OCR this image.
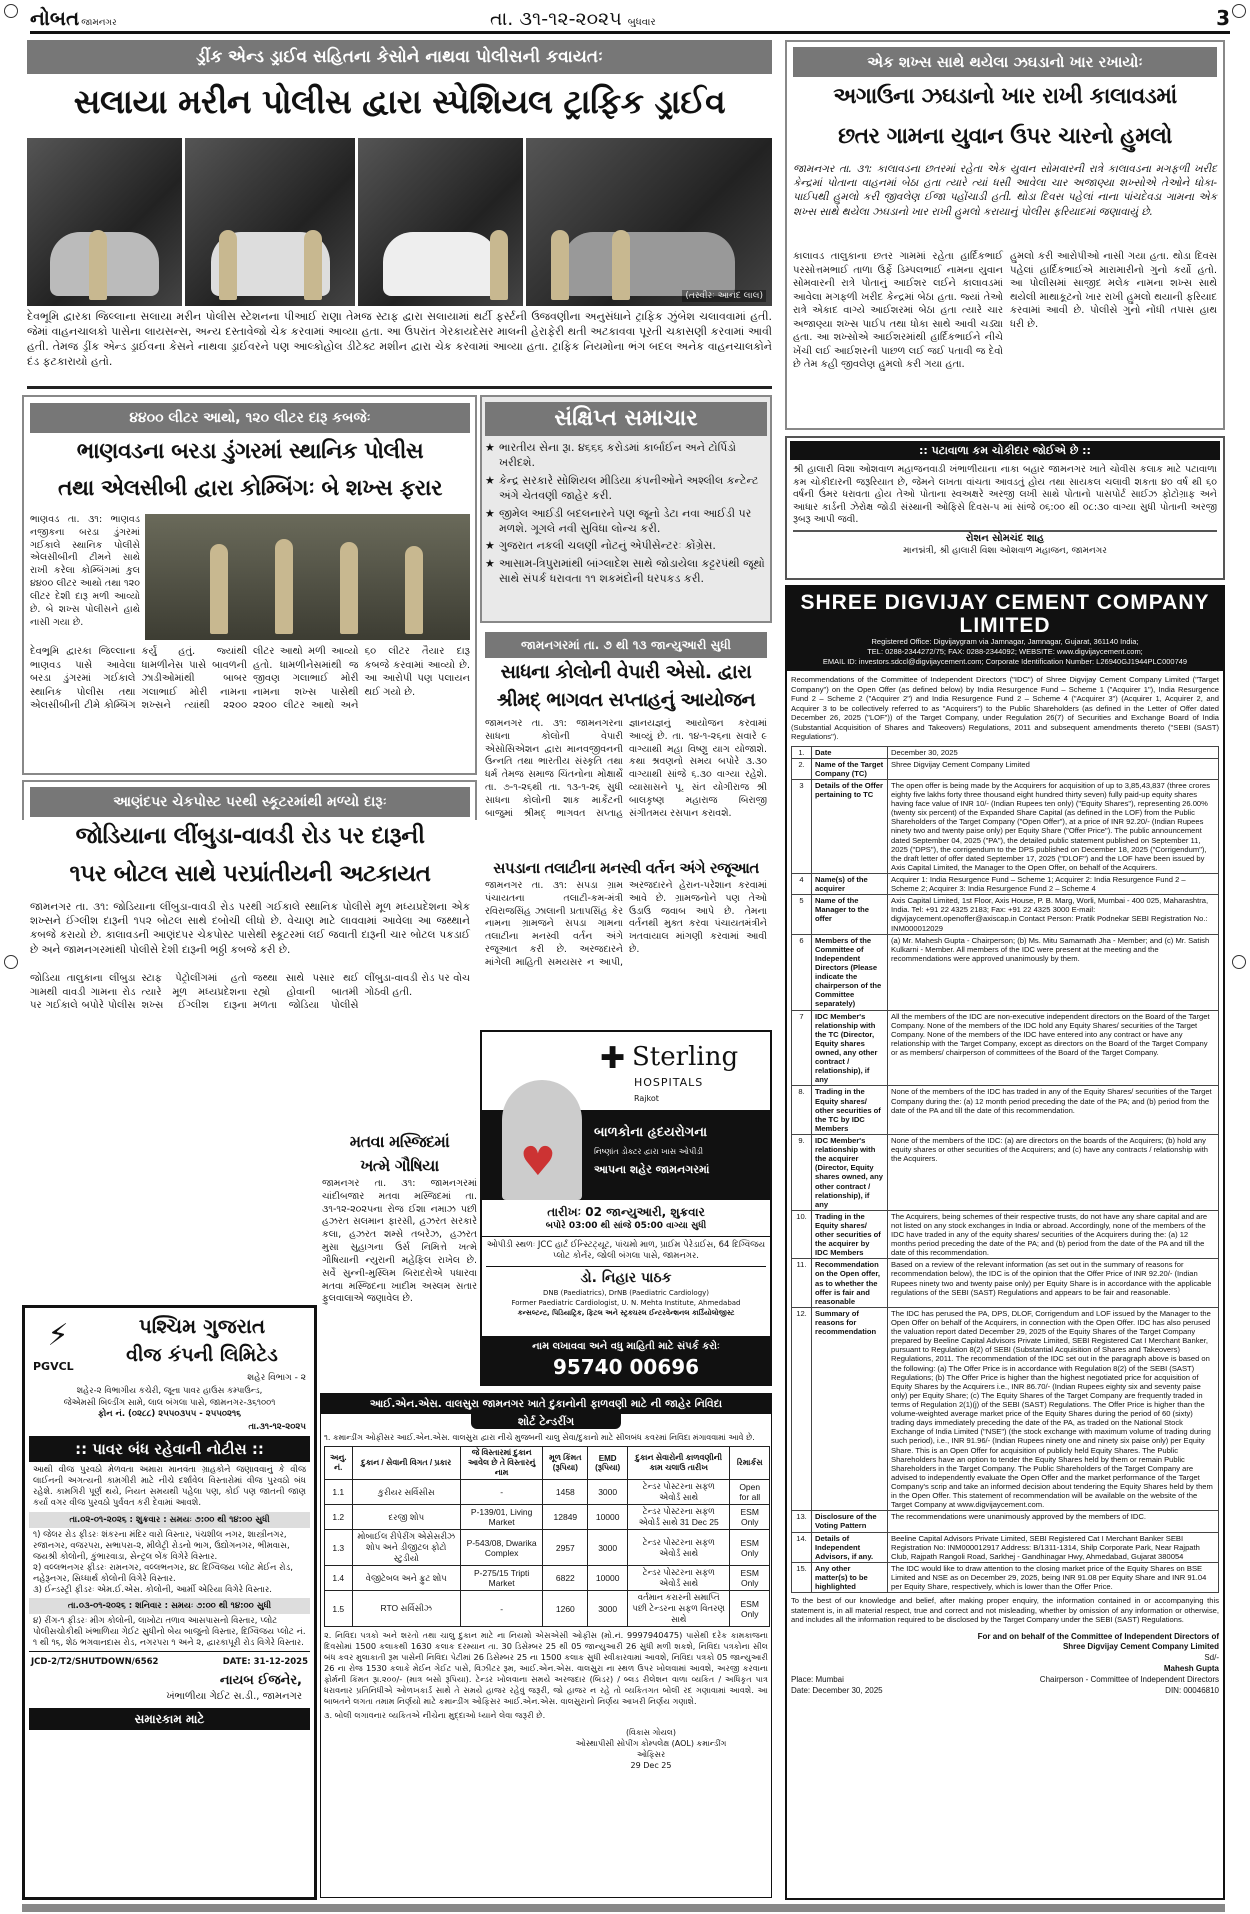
નોબત જામનગર	તા. ૩૧-૧૨-૨૦૨૫ બુધવાર	3
ડ્રીંક એન્ડ ડ્રાઈવ સહિતના કેસોને નાથવા પોલીસની કવાયતઃ
સલાયા મરીન પોલીસ દ્વારા સ્પેશિયલ ટ્રાફિક ડ્રાઈવ
(તસ્વીરઃ આનંદ લાલ)
દેવભૂમિ દ્વારકા જિલ્લાના સલાયા મરીન પોલીસ સ્ટેશનના પીઆઈ રાણા તેમજ સ્ટાફ દ્વારા સલાયામાં થર્ટી ફર્સ્ટની ઉજવણીના અનુસંધાને ટ્રાફિક ઝુંબેશ ચલાવવામાં હતી. જેમાં વાહનચાલકો પાસેના લાયસન્સ, અન્ય દસ્તાવેજો ચેક કરવામાં આવ્યા હતા. આ ઉપરાંત ગેરકાયદેસર માલની હેરાફેરી થતી અટકાવવા પૂરતી ચકાસણી કરવામાં આવી હતી. તેમજ ડ્રીંક એન્ડ ડ્રાઈવના કેસને નાથવા ડ્રાઈવરને પણ આલ્કોહોલ ડીટેક્ટ મશીન દ્વારા ચેક કરવામાં આવ્યા હતા. ટ્રાફિક નિયમોના ભંગ બદલ અનેક વાહનચાલકોને દંડ ફટકારાયો હતો.
૪૪૦૦ લીટર આથો, ૧૨૦ લીટર દારૂ કબજેઃ
ભાણવડના બરડા ડુંગરમાં સ્થાનિક પોલીસ
તથા એલસીબી દ્વારા કોમ્બિંગઃ બે શખ્સ ફરાર
ભાણવડ તા. ૩૧: ભાણવડ નજીકના બરડા ડુંગરમાં ગઈકાલે સ્થાનિક પોલીસે એલસીબીની ટીમને સાથે રાખી કરેલા કોમ્બિંગમાં કુલ ૪૪૦૦ લીટર આથો તથા ૧૨૦ લીટર દેશી દારૂ મળી આવ્યો છે. બે શખ્સ પોલીસને હાથે નાસી ગયા છે.
દેવભૂમિ દ્વારકા જિલ્લાના ભાણવડ પાસે આવેલા બરડા ડુંગરમાં ગઈકાલે સ્થાનિક પોલીસ તથા એલસીબીની ટીમે કોમ્બિંગ કર્યું હતું. જ્યાંથી ધામળીનેસ પાસે બાવળની ઝાડીઓમાંથી બાબર ગલાભાઈ મોરી નામના શખ્સને ત્યાંથી ૨૨૦૦ લીટર આથો મળી આવ્યો હતો. ધામળીનેસમાંથી જ જીવણ ગલાભાઈ મોરી નામના શખ્સ પાસેથી ૨૨૦૦ લીટર આથો અને ૬૦ લીટર તૈયાર દારૂ કબજે કરવામાં આવ્યો છે. આ આરોપી પણ પલાયન થઈ ગયો છે.
સંક્ષિપ્ત સમાચાર
★ ભારતીય સેના રૂા. ૪૬૬૬ કરોડમાં કાર્બાઈન અને ટોર્પિડો ખરીદશે.
★ કેન્દ્ર સરકારે સોશિયલ મીડિયા કંપનીઓને અશ્લીલ કન્ટેન્ટ અંગે ચેતવણી જાહેર કરી.
★ જીમેલ આઈડી બદલનારને પણ જૂનો ડેટા નવા આઈડી પર મળશે. ગૂગલે નવી સુવિધા લોન્ચ કરી.
★ ગુજરાત નકલી ચલણી નોટનું એપીસેન્ટરઃ કોંગ્રેસ.
★ આસામ-ત્રિપુરામાંથી બાંગ્લાદેશ સાથે જોડાયેલા કટ્ટરપંથી જૂથો સાથે સંપર્ક ધરાવતા ૧૧ શકમંદોની ધરપકડ કરી.
જામનગરમાં તા. ૭ થી ૧૩ જાન્યુઆરી સુધી
સાધના કોલોની વેપારી એસો. દ્વારા
શ્રીમદ્ ભાગવત સપ્તાહનું આયોજન
જામનગર તા. ૩૧: જામનગરના સાધના કોલોની વેપારી એસોસિએશન દ્વારા માનવજીવનની ઉન્નતિ તથા ભારતીય સંસ્કૃતિ તથા ધર્મ તેમજ સમાજ ચિંતનોના મોક્ષાર્થે તા. ૭-૧-૨૬થી તા. ૧૩-૧-૨૬ સુધી સાધના કોલોની શાક માર્કેટની બાજુમાં શ્રીમદ્ ભાગવત સપ્તાહ જ્ઞાનયજ્ઞનું આયોજન કરવામાં આવ્યું છે. તા. ૧૪-૧-૨૬ના સવારે ૯ વાગ્યાથી મહા વિષ્ણુ યાગ યોજાશે. કથા શ્રવણનો સમય બપોરે ૩.૩૦ વાગ્યાથી સાંજે ૬.૩૦ વાગ્યા રહેશે. વ્યાસાસને પૂ. સંત યોગીરાજ શ્રી બાલકૃષ્ણ મહારાજ બિરાજી સંગીતમય રસપાન કરાવશે.
સપડાના તલાટીના મનસ્વી વર્તન અંગે રજૂઆત
જામનગર તા. ૩૧: સપડા ગ્રામ પંચાયતના તલાટી-કમ-મંત્રી રવિરાજસિંહ ઝાલાની પ્રતાપસિંહ કેર નામના ગ્રામજને સપડા ગામના તલાટીના મનસ્વી વર્તન અંગે રજૂઆત કરી છે. અરજદારને માંગેલી માહિતી સમયસર ન આપી, અરજદારને હેરાન-પરેશાન કરવામાં આવે છે. ગ્રામજનોને પણ તેઓ ઉડાઉ જવાબ આપે છે. તેમના વર્તનથી મુક્ત કરવા પંચાયતમંત્રીને ખતવાયાલ માંગણી કરવામાં આવી છે.
આણંદપર ચેકપોસ્ટ પરથી સ્કૂટરમાંથી મળ્યો દારૂઃ
જોડિયાના લીંબુડા-વાવડી રોડ પર દારૂની
૧૫ર બોટલ સાથે પરપ્રાંતીયની અટકાયત
જામનગર તા. ૩૧: જોડિયાના લીંબુડા-વાવડી રોડ પરથી ગઈકાલે સ્થાનિક પોલીસે મૂળ મધ્યપ્રદેશના એક શખ્સને ઈંગ્લીશ દારૂની ૧૫૨ બોટલ સાથે દબોચી લીધો છે. વેચાણ માટે લાવવામાં આવેલા આ જથ્થાને કબજે કરાયો છે. કાલાવડની આણંદપર ચેકપોસ્ટ પાસેથી સ્કૂટરમાં લઈ જવાતી દારૂની ચાર બોટલ પકડાઈ છે અને જામનગરમાંથી પોલીસે દેશી દારૂની ભઠ્ઠી કબજે કરી છે.
જોડિયા તાલુકાના લીંબુડા ગામથી વાવડી ગામના રોડ પર ગઈકાલે બપોરે પોલીસ સ્ટાફ પેટ્રોલીંગમાં હતો ત્યારે મૂળ મધ્યપ્રદેશના શખ્સ ઈંગ્લીશ દારૂના જથ્થા સાથે પસાર થઈ રહ્યો હોવાની બાતમી મળતા જોડિયા પોલીસે લીંબુડા-વાવડી રોડ પર વોચ ગોઠવી હતી.
મતવા મસ્જિદમાં
ખત્મે ગૌષિયા
જામનગર તા. ૩૧: જામનગરમાં ચાંદીબજાર મતવા મસ્જિદમાં તા. ૩૧-૧૨-૨૦૨૫ના રોજ ઈશા નમાઝ પછી હઝરત સલમાન ફારસી, હઝરત સરકારે કલા, હઝરત શમ્સે તબરેઝ, હઝરત મુસા સુહાગના ઉર્સ નિમિત્તે ખત્મે ગૌષિયાની ન્યુરાની મહેફિલ રાખેલ છે. સર્વે સુન્ની-મુસ્લિમ બિરાદરોએ પધારવા મતવા મસ્જિદના ખાદીમ અસ્લમ સતાર ફુલવાલાએ જણાવેલ છે.
Sterling
✚
HOSPITALS
Rajkot
♥
બાળકોના હૃદયરોગના
નિષ્ણાંત ડોક્ટર દ્વારા ખાસ ઓપીડી
આપના શહેર જામનગરમાં
તારીખઃ 02 જાન્યુઆરી, શુક્રવાર
બપોરે 03:00 થી સાંજે 05:00 વાગ્યા સુધી
ઓપીડી સ્થળઃ JCC હાર્ટ ઈન્સ્ટિટ્યૂટ, પાંચમો માળ, પ્રાઈમ પેરેડાઈસ, 64 દિગ્વિજય પ્લોટ કોર્નર, જોલી બંગલા પાસે, જામનગર.
ડો. નિહાર પાઠક
DNB (Paediatrics), DrNB (Paediatric Cardiology)
Former Paediatric Cardiologist, U. N. Mehta Institute, Ahmedabad
કન્સલ્ટન્ટ, પિડિયાટ્રિક, ફિટલ અને સ્ટ્રક્ચરલ ઈન્ટરવેન્શનલ કાર્ડિયોલોજીસ્ટ
નામ લખાવવા અને વધુ માહિતી માટે સંપર્ક કરોઃ
95740 00696
આઈ.એન.એસ. વાલસુરા જામનગર ખાતે દુકાનોની ફાળવણી માટે ની જાહેર નિવિદા
શોર્ટ ટેન્ડરીંગ
૧. કમાન્ડીંગ ઓફીસર આઈ.એન.એસ. વાલસુરા દ્વારા નીચે મુજબની ચાલુ સેવા/દુકાનો માટે સીલબંધ કવરમાં નિવિદા મંગાવવામાં આવે છે.
અનુ. નં.	દુકાન / સેવાની વિગત / પ્રકાર	જે વિસ્તારમાં દુકાન આવેલ છે તે વિસ્તારનું નામ	મૂળ કિંમત (રૂપિયા)	EMD (રૂપિયા)	દુકાન સેવારોની કાળવણીની કામ ચલાઉ તારીખ	રિમાર્કસ
1.1	કુરીયર સર્વિસીસ	-	1458	3000	ટેન્ડર પોસ્ટરના સફળ એવોર્ડ સાથે	Open for all
1.2	દરજી શોપ	P-139/01, Living Market	12849	10000	ટેન્ડર પોસ્ટરના સફળ એવોર્ડ સાથે 31 Dec 25	ESM Only
1.3	મોબાઈલ રીપેરીંગ એસેસરીઝ શોપ અને ડીજીટલ ફોટો સ્ટુડીયો	P-543/08, Dwarika Complex	2957	3000	ટેન્ડર પોસ્ટરના સફળ એવોર્ડ સાથે	ESM Only
1.4	વેજીટેબલ અને ફ્રુટ શોપ	P-275/15 Tripti Market	6822	10000	ટેન્ડર પોસ્ટરના સફળ એવોર્ડ સાથે	ESM Only
1.5	RTO સર્વિસીઝ	-	1260	3000	વર્તમાન કરારની સમાપ્તિ પછી ટેન્ડરના સફળ વિતરણ સાથે	ESM Only
૨. નિવિદા પત્રકો અને શરતો તથા ચાલુ દુકાન માટે ના નિયમો એસએસી ઓફીસ (મો.નં. 9997940475) પાસેથી દરેક કામકાજના દિવસોમાં 1500 કલાકથી 1630 કલાક દરમ્યાન તા. 30 ડિસેમ્બર 25 થી 05 જાન્યુઆરી 26 સુધી મળી શકશે, નિવિદા પત્રકોના સીલ બંધ કવર મુલાકાતી રૂમ પાસેની નિવિદા પેટીમાં 26 ડિસેમ્બર 25 ના 1500 કલાક સુધી સ્વીકારવામાં આવશે, નિવિદા પત્રકો 05 જાન્યુઆરી 26 ના રોજ 1530 કલાકે મેઈન ગેઈટ પાસે, વિઝીટર રૂમ, આઈ.એન.એસ. વાલસુરા ના સ્થળ ઉપર ખોલવામાં આવશે, અરજી કરવાના ફોર્મની કિંમત રૂા.૨૦૦/- (માત્ર બસો રૂપિયા). ટેન્ડર ખોલવાના સમયે અરજદાર (બિડર) / બ્લડ રીલેશન વાળા વ્યકિત / અધિકૃત પાત્ર ધરાવનાર પ્રતિનિધીએ ઓળખકાર્ડ સાથે તે સમયે હાજર રહેવું જરૂરી, જો હાજર ન રહે તો વ્યકિતગત બોલી રદ ગણાવામાં આવશે. આ બાબતને લગતા તમામ નિર્ણયો માટે કમાન્ડીંગ ઓફિસર આઈ.એન.એસ. વાલસુરાનો નિર્ણય આખરી નિર્ણય ગણાશે.
૩. બોલી લગાવનાર વ્યકિતએ નીચેના મુદ્દાઓ ધ્યાને લેવા જરૂરી છે.
(વિકાસ ગોયલ)
ઓસ્થાપીસી સોપીંગ કોમ્પલેક્ષ (AOL) કમાન્ડીંગ ઓફિસર
29 Dec 25
⚡
PGVCL
પશ્ચિમ ગુજરાત
વીજ કંપની લિમિટેડ
શહેર વિભાગ - ૨
શહેર-૨ વિભાગીય કચેરી, જૂના પાવર હાઉસ કમ્પાઉન્ડ,
જેએમસી બિલ્ડીંગ સામે, લાલ બંગલા પાસે, જામનગર-૩૬૧૦૦૧
ફોન નં. (૦૨૮૮) ૨૫૫૦૩૫૫ - ૨૫૫૦૨૧૬
તા.૩૧-૧૨-૨૦૨૫
:: પાવર બંધ રહેવાની નોટીસ ::
આથી વીજ પુરવઠો મેળવતા અમારા માનવંતા ગ્રાહકોને જણાવવાનું કે વીજ લાઈનની અગત્યની કામગીરી માટે નીચે દર્શાવેલ વિસ્તારોમાં વીજ પુરવઠો બંધ રહેશે. કામગિરી પૂર્ણ થયે, નિયત સમયથી પહેલા પણ, કોઈ પણ જાતની જાણ કર્યા વગર વીજ પુરવઠો પુર્વવત કરી દેવામાં આવશે.
તા.૦૨-૦૧-૨૦૨૬ : શુક્રવાર : સમયઃ ૭:૦૦ થી ૧૪:૦૦ સુધી
૧) જેલર રોડ ફીડરઃ શંકરના મંદિર વારો વિસ્તાર, પંચશીલ નગર, શાસ્ત્રીનગર, રજાનગર, વજરપરા, સભાપરા-૨, મીલેટ્રી રોડનો ભાગ, ઉદ્યોગનગર, ભીમવાસ, જયશ્રી કોલોની, કુંભારવાડા, સેન્ટ્રલ બેંક વિગેરે વિસ્તાર.
૨) વલ્લભનગર ફીડરઃ રામનગર, વલ્લભનગર, ૪૮ દિગ્વિજય પ્લોટ મેઈન રોડ, નહેરૂનગર, સિધ્ધાર્થ કોલોની વિગેરે વિસ્તાર.
૩) ઈન્ડસ્ટ્રી ફીડરઃ એમ.ઈ.એસ. કોલોની, આર્મી એરિયા વિગેરે વિસ્તાર.
તા.૦૩-૦૧-૨૦૨૬ : શનિવાર : સમયઃ ૭:૦૦ થી ૧૪:૦૦ સુધી
૪) રીંગ-૧ ફીડરઃ મીગ કોલોની, લાખોટા તળાવ આસપાસનો વિસ્તાર, પ્લોટ પોલીસચોકીથી ખંભાળિયા ગેઈટ સુધીનો બેય બાજુનો વિસ્તાર, દિગ્વિજય પ્લોટ નં. ૧ થી ૧૬, શેઠ ભગવાનદાસ રોડ, નગરપરા ૧ અને ૨, દ્વારકાપૂરી રોડ વિગેરે વિસ્તાર.
JCD-2/T2/SHUTDOWN/6562	DATE: 31-12-2025
નાયબ ઈજનેર,
ખંભાળીયા ગેઈટ સ.ડી., જામનગર
સમારકામ માટે
એક શખ્સ સાથે થયેલા ઝઘડાનો ખાર રખાયોઃ
અગાઉના ઝઘડાનો ખાર રાખી કાલાવડમાં
છતર ગામના યુવાન ઉપર ચારનો હુમલો
જામનગર તા. ૩૧: કાલાવડના છતરમાં રહેતા એક યુવાન સોમવારની રાત્રે કાલાવડના મગફળી ખરીદ કેન્દ્રમાં પોતાના વાહનમાં બેઠા હતા ત્યારે ત્યાં ધસી આવેલા ચાર અજાણ્યા શખ્સોએ તેઓને ધોકા-પાઈપથી હુમલો કરી જીવલેણ ઈજા પહોંચાડી હતી. થોડા દિવસ પહેલાં નાના પાંચદેવડા ગામના એક શખ્સ સાથે થયેલા ઝઘડાનો ખાર રાખી હુમલો કરાયાનું પોલીસ ફરિયાદમાં જણાવાયું છે.
કાલાવડ તાલુકાના છતર ગામમાં રહેતા હાર્દિકભાઈ પરસોત્તમભાઈ તાળા ઉર્ફે ડિમ્પલભાઈ નામના યુવાન સોમવારની રાત્રે પોતાનું આઈશર લઈને કાલાવડમાં આવેલા મગફળી ખરીદ કેન્દ્રમાં બેઠા હતા. જ્યાં તેઓ રાત્રે એકાદ વાગ્યે આઈશરમાં બેઠા હતા ત્યારે ચાર અજાણ્યા શખ્સ પાઈપ તથા ધોકા સાથે આવી ચડ્યા હતા. આ શખ્સોએ આઈશરમાંથી હાર્દિકભાઈને નીચે ખેંચી લઈ આઈશરની પાછળ લઈ જઈ પતાવી જ દેવો છે તેમ કહી જીવલેણ હુમલો કરી ગયા હતા.
હુમલો કરી આરોપીઓ નાસી ગયા હતા. થોડા દિવસ પહેલાં હાર્દિકભાઈએ મારામારીનો ગુનો કર્યો હતો. આ પોલીસમાં સાજીદ મલેક નામના શખ્સ સાથે થયેલી માથાકૂટનો ખાર રાખી હુમલો થયાની ફરિયાદ કરવામાં આવી છે. પોલીસે ગુનો નોંધી તપાસ હાથ ધરી છે.
:: પટાવાળા કમ ચોકીદાર જોઈએ છે ::
શ્રી હાલારી વિશા ઓશવાળ મહાજનવાડી ખંભાળીયાના નાકા બહાર જામનગર ખાતે ચોવીસ કલાક માટે પટાવાળા કમ ચોકીદારની જરૂરિયાત છે, જેમને લખતા વાંચતા આવડતું હોય તથા સાયકલ ચલાવી શકતા ૪૦ વર્ષ થી ૬૦ વર્ષની ઉંમર ધરાવતા હોય તેઓ પોતાના સ્વઅક્ષરે અરજી લખી સાથે પોતાનો પાસપોર્ટ સાઈઝ ફોટોગ્રાફ અને આધાર કાર્ડની ઝેરોક્ષ જોડી સંસ્થાની ઓફિસે દિવસ-૫ માં સાંજે ૦૬:૦૦ થી ૦૮:૩૦ વાગ્યા સુધી પોતાની અરજી રૂબરૂ આપી જવી.
રોશન સોમચંદ શાહ
માનદ્મંત્રી, શ્રી હાલારી વિશા ઓશવાળ મહાજન, જામનગર
SHREE DIGVIJAY CEMENT COMPANY LIMITED
Registered Office: Digvijaygram via Jamnagar, Jamnagar, Gujarat, 361140 India;
TEL: 0288-2344272/75; FAX: 0288-2344092; WEBSITE: www.digvijaycement.com;
EMAIL ID: investors.sdccl@digvijaycement.com; Corporate Identification Number: L26940GJ1944PLC000749
Recommendations of the Committee of Independent Directors ("IDC") of Shree Digvijay Cement Company Limited ("Target Company") on the Open Offer (as defined below) by India Resurgence Fund – Scheme 1 ("Acquirer 1"), India Resurgence Fund 2 – Scheme 2 ("Acquirer 2") and India Resurgence Fund 2 – Scheme 4 ("Acquirer 3") (Acquirer 1, Acquirer 2, and Acquirer 3 to be collectively referred to as "Acquirers") to the Public Shareholders (as defined in the Letter of Offer dated December 26, 2025 ("LOF")) of the Target Company, under Regulation 26(7) of Securities and Exchange Board of India (Substantial Acquisition of Shares and Takeovers) Regulations, 2011 and subsequent amendments thereto ("SEBI (SAST) Regulations").
1.	Date	December 30, 2025
2.	Name of the Target Company (TC)	Shree Digvijay Cement Company Limited
3	Details of the Offer pertaining to TC	The open offer is being made by the Acquirers for acquisition of up to 3,85,43,837 (three crores eighty five lakhs forty three thousand eight hundred thirty seven) fully paid-up equity shares having face value of INR 10/- (Indian Rupees ten only) ("Equity Shares"), representing 26.00% (twenty six percent) of the Expanded Share Capital (as defined in the LOF) from the Public Shareholders of the Target Company ("Open Offer"), at a price of INR 92.20/- (Indian Rupees ninety two and twenty paise only) per Equity Share ("Offer Price"). The public announcement dated September 04, 2025 ("PA"), the detailed public statement published on September 11, 2025 ("DPS"), the corrigendum to the DPS published on December 18, 2025 ("Corrigendum"), the draft letter of offer dated September 17, 2025 ("DLOF") and the LOF have been issued by Axis Capital Limited, the Manager to the Open Offer, on behalf of the Acquirers.
4	Name(s) of the acquirer	Acquirer 1: India Resurgence Fund – Scheme 1; Acquirer 2: India Resurgence Fund 2 – Scheme 2; Acquirer 3: India Resurgence Fund 2 – Scheme 4
5	Name of the Manager to the offer	Axis Capital Limited, 1st Floor, Axis House, P. B. Marg, Worli, Mumbai - 400 025, Maharashtra, India. Tel: +91 22 4325 2183; Fax: +91 22 4325 3000 E-mail: digvijaycement.openoffer@axiscap.in Contact Person: Pratik Podnekar SEBI Registration No.: INM000012029
6	Members of the Committee of Independent Directors (Please indicate the chairperson of the Committee separately)	(a) Mr. Mahesh Gupta - Chairperson; (b) Ms. Mitu Samarnath Jha - Member; and (c) Mr. Satish Kulkarni - Member. All members of the IDC were present at the meeting and the recommendations were approved unanimously by them.
7	IDC Member's relationship with the TC (Director, Equity shares owned, any other contract / relationship), if any	All the members of the IDC are non-executive independent directors on the Board of the Target Company. None of the members of the IDC hold any Equity Shares/ securities of the Target Company. None of the members of the IDC have entered into any contract or have any relationship with the Target Company, except as directors on the Board of the Target Company or as members/ chairperson of committees of the Board of the Target Company.
8.	Trading in the Equity shares/ other securities of the TC by IDC Members	None of the members of the IDC has traded in any of the Equity Shares/ securities of the Target Company during the: (a) 12 month period preceding the date of the PA; and (b) period from the date of the PA and till the date of this recommendation.
9.	IDC Member's relationship with the acquirer (Director, Equity shares owned, any other contract / relationship), if any	None of the members of the IDC: (a) are directors on the boards of the Acquirers; (b) hold any equity shares or other securities of the Acquirers; and (c) have any contracts / relationship with the Acquirers.
10.	Trading in the Equity shares/ other securities of the acquirer by IDC Members	The Acquirers, being schemes of their respective trusts, do not have any share capital and are not listed on any stock exchanges in India or abroad. Accordingly, none of the members of the IDC have traded in any of the equity shares/ securities of the Acquirers during the: (a) 12 months period preceding the date of the PA; and (b) period from the date of the PA and till the date of this recommendation.
11.	Recommendation on the Open offer, as to whether the offer is fair and reasonable	Based on a review of the relevant information (as set out in the summary of reasons for recommendation below), the IDC is of the opinion that the Offer Price of INR 92.20/- (Indian Rupees ninety two and twenty paise only) per Equity Share is in accordance with the applicable regulations of the SEBI (SAST) Regulations and appears to be fair and reasonable.
12.	Summary of reasons for recommendation	The IDC has perused the PA, DPS, DLOF, Corrigendum and LOF issued by the Manager to the Open Offer on behalf of the Acquirers, in connection with the Open Offer. IDC has also perused the valuation report dated December 29, 2025 of the Equity Shares of the Target Company prepared by Beeline Capital Advisors Private Limited, SEBI Registered Cat I Merchant Banker, pursuant to Regulation 8(2) of SEBI (Substantial Acquisition of Shares and Takeovers) Regulations, 2011. The recommendation of the IDC set out in the paragraph above is based on the following: (a) The Offer Price is in accordance with Regulation 8(2) of the SEBI (SAST) Regulations; (b) The Offer Price is higher than the highest negotiated price for acquisition of Equity Shares by the Acquirers i.e., INR 86.70/- (Indian Rupees eighty six and seventy paise only) per Equity Share; (c) The Equity Shares of the Target Company are frequently traded in terms of Regulation 2(1)(j) of the SEBI (SAST) Regulations. The Offer Price is higher than the volume-weighted average market price of the Equity Shares during the period of 60 (sixty) trading days immediately preceding the date of the PA, as traded on the National Stock Exchange of India Limited ("NSE") (the stock exchange with maximum volume of trading during such period), i.e., INR 91.96/- (Indian Rupees ninety one and ninety six paise only) per Equity Share. This is an Open Offer for acquisition of publicly held Equity Shares. The Public Shareholders have an option to tender the Equity Shares held by them or remain Public Shareholders in the Target Company. The Public Shareholders of the Target Company are advised to independently evaluate the Open Offer and the market performance of the Target Company's scrip and take an informed decision about tendering the Equity Shares held by them in the Open Offer. This statement of recommendation will be available on the website of the Target Company at www.digvijaycement.com.
13.	Disclosure of the Voting Pattern	The recommendations were unanimously approved by the members of IDC.
14.	Details of Independent Advisors, if any.	Beeline Capital Advisors Private Limited, SEBI Registered Cat I Merchant Banker SEBI Registration No: INM000012917 Address: B/1311-1314, Shilp Corporate Park, Near Rajpath Club, Rajpath Rangoli Road, Sarkhej - Gandhinagar Hwy, Ahmedabad, Gujarat 380054
15.	Any other matter(s) to be highlighted	The IDC would like to draw attention to the closing market price of the Equity Shares on BSE Limited and NSE as on December 29, 2025, being INR 91.08 per Equity Share and INR 91.04 per Equity Share, respectively, which is lower than the Offer Price.
To the best of our knowledge and belief, after making proper enquiry, the information contained in or accompanying this statement is, in all material respect, true and correct and not misleading, whether by omission of any information or otherwise, and includes all the information required to be disclosed by the Target Company under the SEBI (SAST) Regulations.
For and on behalf of the Committee of Independent Directors of
Shree Digvijay Cement Company Limited
Sd/-
Mahesh Gupta
Place: Mumbai	Chairperson - Committee of Independent Directors
Date: December 30, 2025	DIN: 00046810
